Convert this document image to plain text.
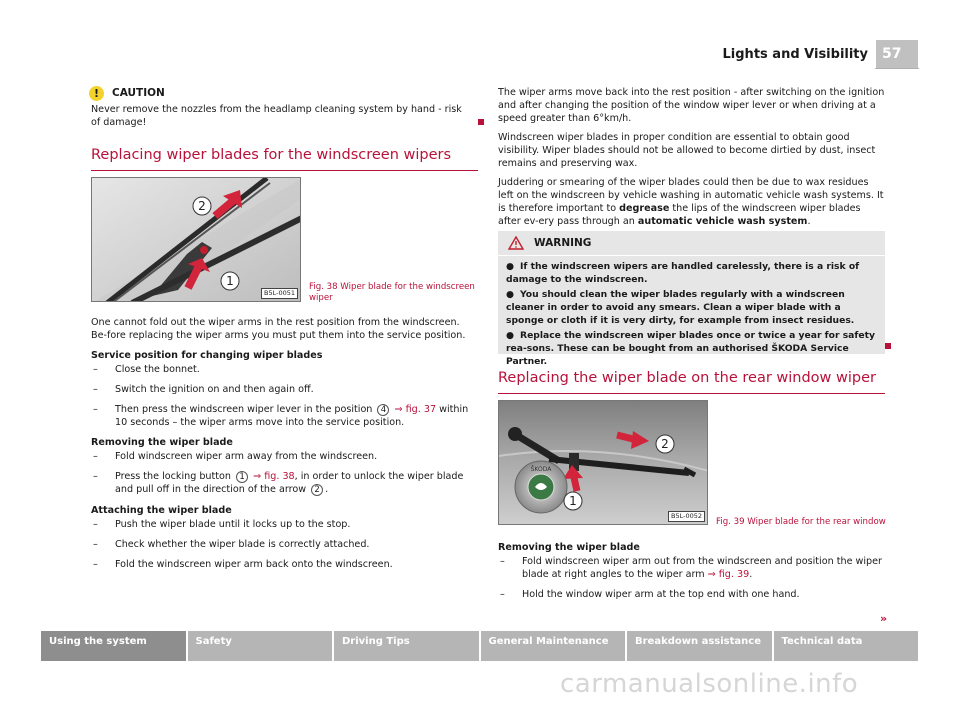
Lights and Visibility	57
!	CAUTION

Never remove the nozzles from the headlamp cleaning system by hand - risk of damage!

Replacing wiper blades for the windscreen wipers
2
1
B5L-0051
Fig. 38 Wiper blade for the windscreen wiper

One cannot fold out the wiper arms in the rest position from the windscreen. Be-fore replacing the wiper arms you must put them into the service position.

Service position for changing wiper blades

– Close the bonnet.
– Switch the ignition on and then again off.
– Then press the windscreen wiper lever in the position 4 ⇒ fig. 37 within 10 seconds – the wiper arms move into the service position.

Removing the wiper blade

– Fold windscreen wiper arm away from the windscreen.
– Press the locking button 1 ⇒ fig. 38, in order to unlock the wiper blade and pull off in the direction of the arrow 2 .

Attaching the wiper blade

– Push the wiper blade until it locks up to the stop.
– Check whether the wiper blade is correctly attached.
– Fold the windscreen wiper arm back onto the windscreen.

The wiper arms move back into the rest position - after switching on the ignition and after changing the position of the window wiper lever or when driving at a speed greater than 6°km/h.

Windscreen wiper blades in proper condition are essential to obtain good visibility. Wiper blades should not be allowed to become dirtied by dust, insect remains and preserving wax.

Juddering or smearing of the wiper blades could then be due to wax residues left on the windscreen by vehicle washing in automatic vehicle wash systems. It is therefore important to degrease the lips of the windscreen wiper blades after ev-ery pass through an automatic vehicle wash system.

WARNING

● If the windscreen wipers are handled carelessly, there is a risk of damage to the windscreen.

● You should clean the wiper blades regularly with a windscreen cleaner in order to avoid any smears. Clean a wiper blade with a sponge or cloth if it is very dirty, for example from insect residues.

● Replace the windscreen wiper blades once or twice a year for safety rea-sons. These can be bought from an authorised ŠKODA Service Partner.

Replacing the wiper blade on the rear window wiper
ŠKODA
2
1
B5L-0052
Fig. 39 Wiper blade for the rear window

Removing the wiper blade

– Fold windscreen wiper arm out from the windscreen and position the wiper blade at right angles to the wiper arm ⇒ fig. 39.
– Hold the window wiper arm at the top end with one hand.
»
Using the system	Safety	Driving Tips	General Maintenance	Breakdown assistance	Technical data
carmanualsonline.info
